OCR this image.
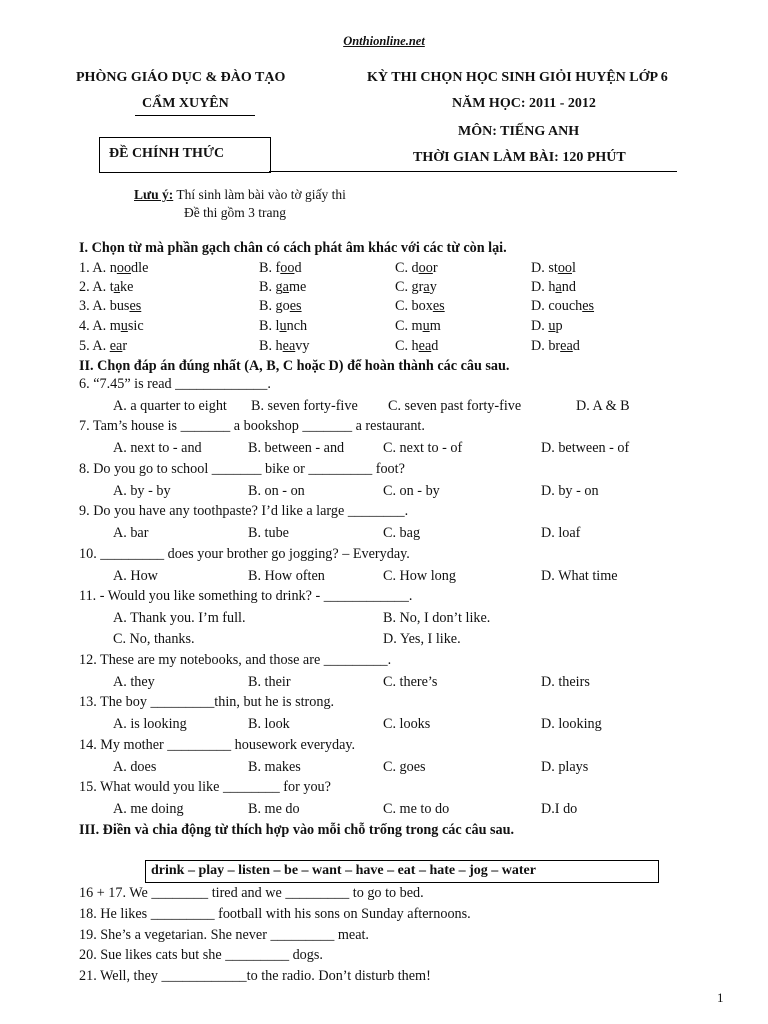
Onthionline.net
PHÒNG GIÁO DỤC & ĐÀO TẠO
CẨM XUYÊN
ĐỀ CHÍNH THỨC
KỲ THI CHỌN HỌC SINH GIỎI HUYỆN LỚP 6
NĂM HỌC: 2011 - 2012
MÔN: TIẾNG ANH
THỜI GIAN LÀM BÀI: 120 PHÚT
Lưu ý: Thí sinh làm bài vào tờ giấy thi
Đề thi gồm 3 trang
I. Chọn từ mà phần gạch chân có cách phát âm khác với các từ còn lại.
1. A. noodle	B. food	C. door	D. stool
2. A. take	B. game	C. gray	D. hand
3. A. buses	B. goes	C. boxes	D. couches
4. A. music	B. lunch	C. mum	D. up
5. A. ear	B. heavy	C. head	D. bread
II. Chọn đáp án đúng nhất (A, B, C hoặc D) để hoàn thành các câu sau.
6. “7.45” is read _____________.
A. a quarter to eight B. seven forty-five C. seven past forty-five	D. A & B
7. Tam’s house is _______ a bookshop _______ a restaurant.
A. next to - and	B. between - and	C. next to - of	D. between - of
8. Do you go to school _______ bike or _________ foot?
A. by - by	B. on - on	C. on - by	D. by - on
9. Do you have any toothpaste? I’d like a large ________.
A. bar	B. tube	C. bag	D. loaf
10. _________ does your brother go jogging? – Everyday.
A. How	B. How often	C. How long	D. What time
11. - Would you like something to drink? - ____________.
A. Thank you. I’m full.	B. No, I don’t like.
C. No, thanks.	D. Yes, I like.
12. These are my notebooks, and those are _________.
A. they	B. their	C. there’s	D. theirs
13. The boy _________thin, but he is strong.
A. is looking	B. look	C. looks	D. looking
14. My mother _________ housework everyday.
A. does	B. makes	C. goes	D. plays
15. What would you like ________ for you?
A. me doing	B. me do	C. me to do	D.I do
III. Điền và chia động từ thích hợp vào mỗi chỗ trống trong các câu sau.
drink – play – listen – be – want – have – eat – hate – jog – water
16 + 17. We ________ tired and we _________ to go to bed.
18. He likes _________ football with his sons on Sunday afternoons.
19. She’s a vegetarian. She never _________ meat.
20. Sue likes cats but she _________ dogs.
21. Well, they ____________to the radio. Don’t disturb them!
1
